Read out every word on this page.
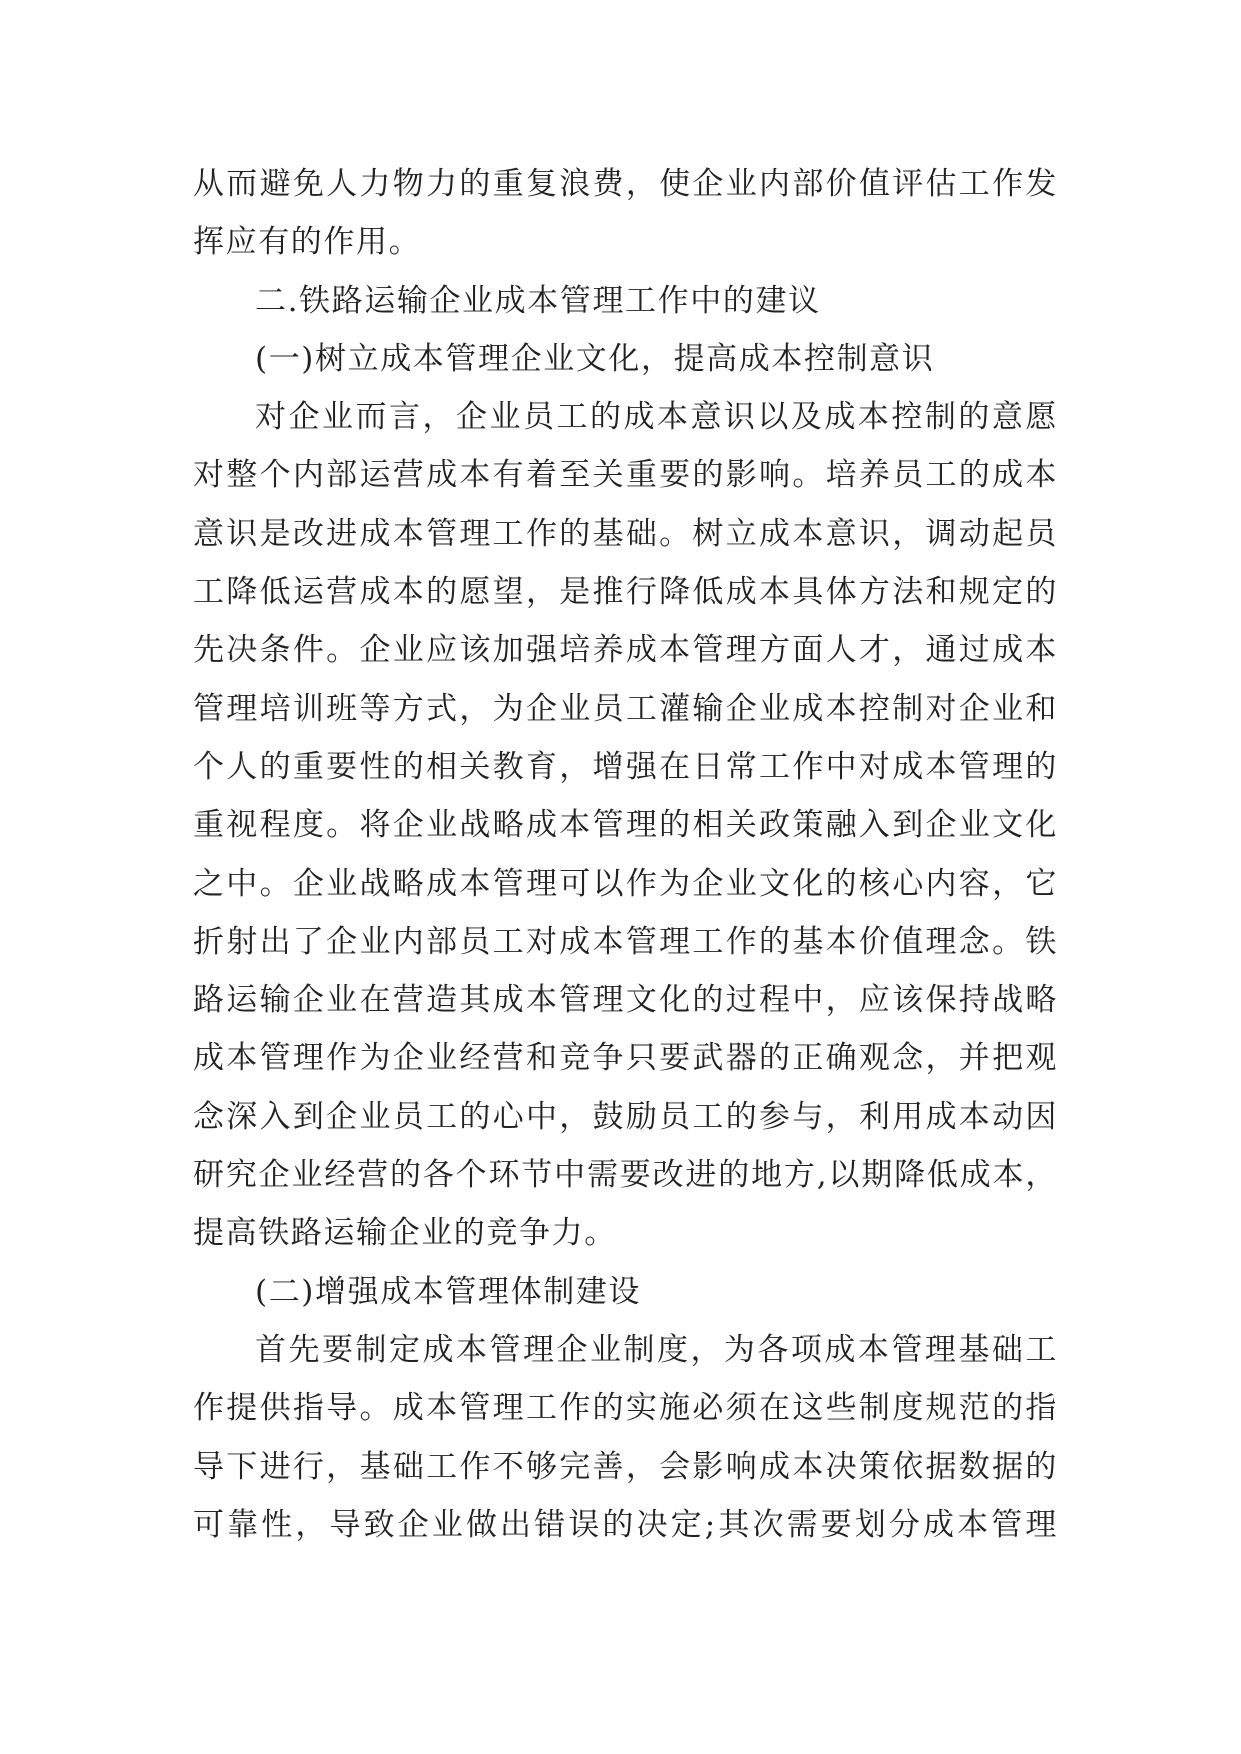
从而避免人力物力的重复浪费，使企业内部价值评估工作发
挥应有的作用。

二.铁路运输企业成本管理工作中的建议

(一)树立成本管理企业文化，提高成本控制意识

对企业而言，企业员工的成本意识以及成本控制的意愿
对整个内部运营成本有着至关重要的影响。培养员工的成本
意识是改进成本管理工作的基础。树立成本意识，调动起员
工降低运营成本的愿望，是推行降低成本具体方法和规定的
先决条件。企业应该加强培养成本管理方面人才，通过成本
管理培训班等方式，为企业员工灌输企业成本控制对企业和
个人的重要性的相关教育，增强在日常工作中对成本管理的
重视程度。将企业战略成本管理的相关政策融入到企业文化
之中。企业战略成本管理可以作为企业文化的核心内容，它
折射出了企业内部员工对成本管理工作的基本价值理念。铁
路运输企业在营造其成本管理文化的过程中，应该保持战略
成本管理作为企业经营和竞争只要武器的正确观念，并把观
念深入到企业员工的心中，鼓励员工的参与，利用成本动因
研究企业经营的各个环节中需要改进的地方,以期降低成本，
提高铁路运输企业的竞争力。

(二)增强成本管理体制建设

首先要制定成本管理企业制度，为各项成本管理基础工
作提供指导。成本管理工作的实施必须在这些制度规范的指
导下进行，基础工作不够完善，会影响成本决策依据数据的
可靠性，导致企业做出错误的决定;其次需要划分成本管理
